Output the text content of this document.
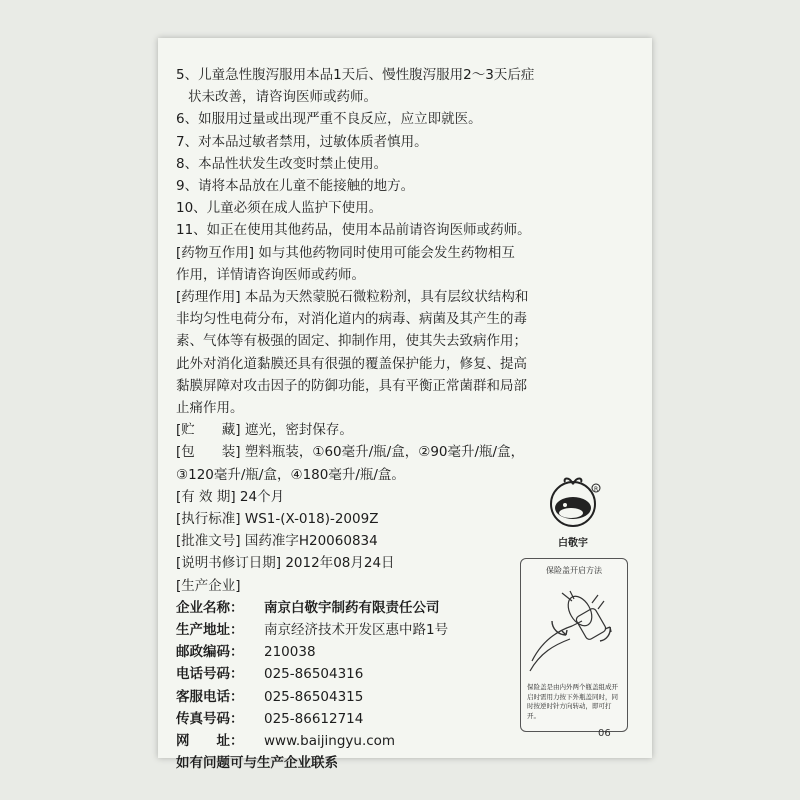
5、儿童急性腹泻服用本品1天后、慢性腹泻服用2～3天后症
状未改善，请咨询医师或药师。
6、如服用过量或出现严重不良反应，应立即就医。
7、对本品过敏者禁用，过敏体质者慎用。
8、本品性状发生改变时禁止使用。
9、请将本品放在儿童不能接触的地方。
10、儿童必须在成人监护下使用。
11、如正在使用其他药品，使用本品前请咨询医师或药师。
[药物互作用] 如与其他药物同时使用可能会发生药物相互
作用，详情请咨询医师或药师。
[药理作用] 本品为天然蒙脱石微粒粉剂，具有层纹状结构和
非均匀性电荷分布，对消化道内的病毒、病菌及其产生的毒
素、气体等有极强的固定、抑制作用，使其失去致病作用；
此外对消化道黏膜还具有很强的覆盖保护能力，修复、提高
黏膜屏障对攻击因子的防御功能，具有平衡正常菌群和局部
止痛作用。
[贮　　藏] 遮光，密封保存。
[包　　装] 塑料瓶装，①60毫升/瓶/盒，②90毫升/瓶/盒，
③120毫升/瓶/盒，④180毫升/瓶/盒。
[有 效 期] 24个月
[执行标准] WS1-(X-018)-2009Z
[批准文号] 国药准字H20060834
[说明书修订日期] 2012年08月24日
[生产企业]
企业名称：	南京白敬宇制药有限责任公司
生产地址：	南京经济技术开发区惠中路1号
邮政编码：	210038
电话号码：	025-86504316
客服电话：	025-86504315
传真号码：	025-86612714
网　　址：	www.baijingyu.com
如有问题可与生产企业联系
R
白敬宇
保险盖开启方法
保险盖是由内外两个瓶盖组成开启时需用力按下外瓶盖同时，同时按逆时针方向转动，即可打开。
06
